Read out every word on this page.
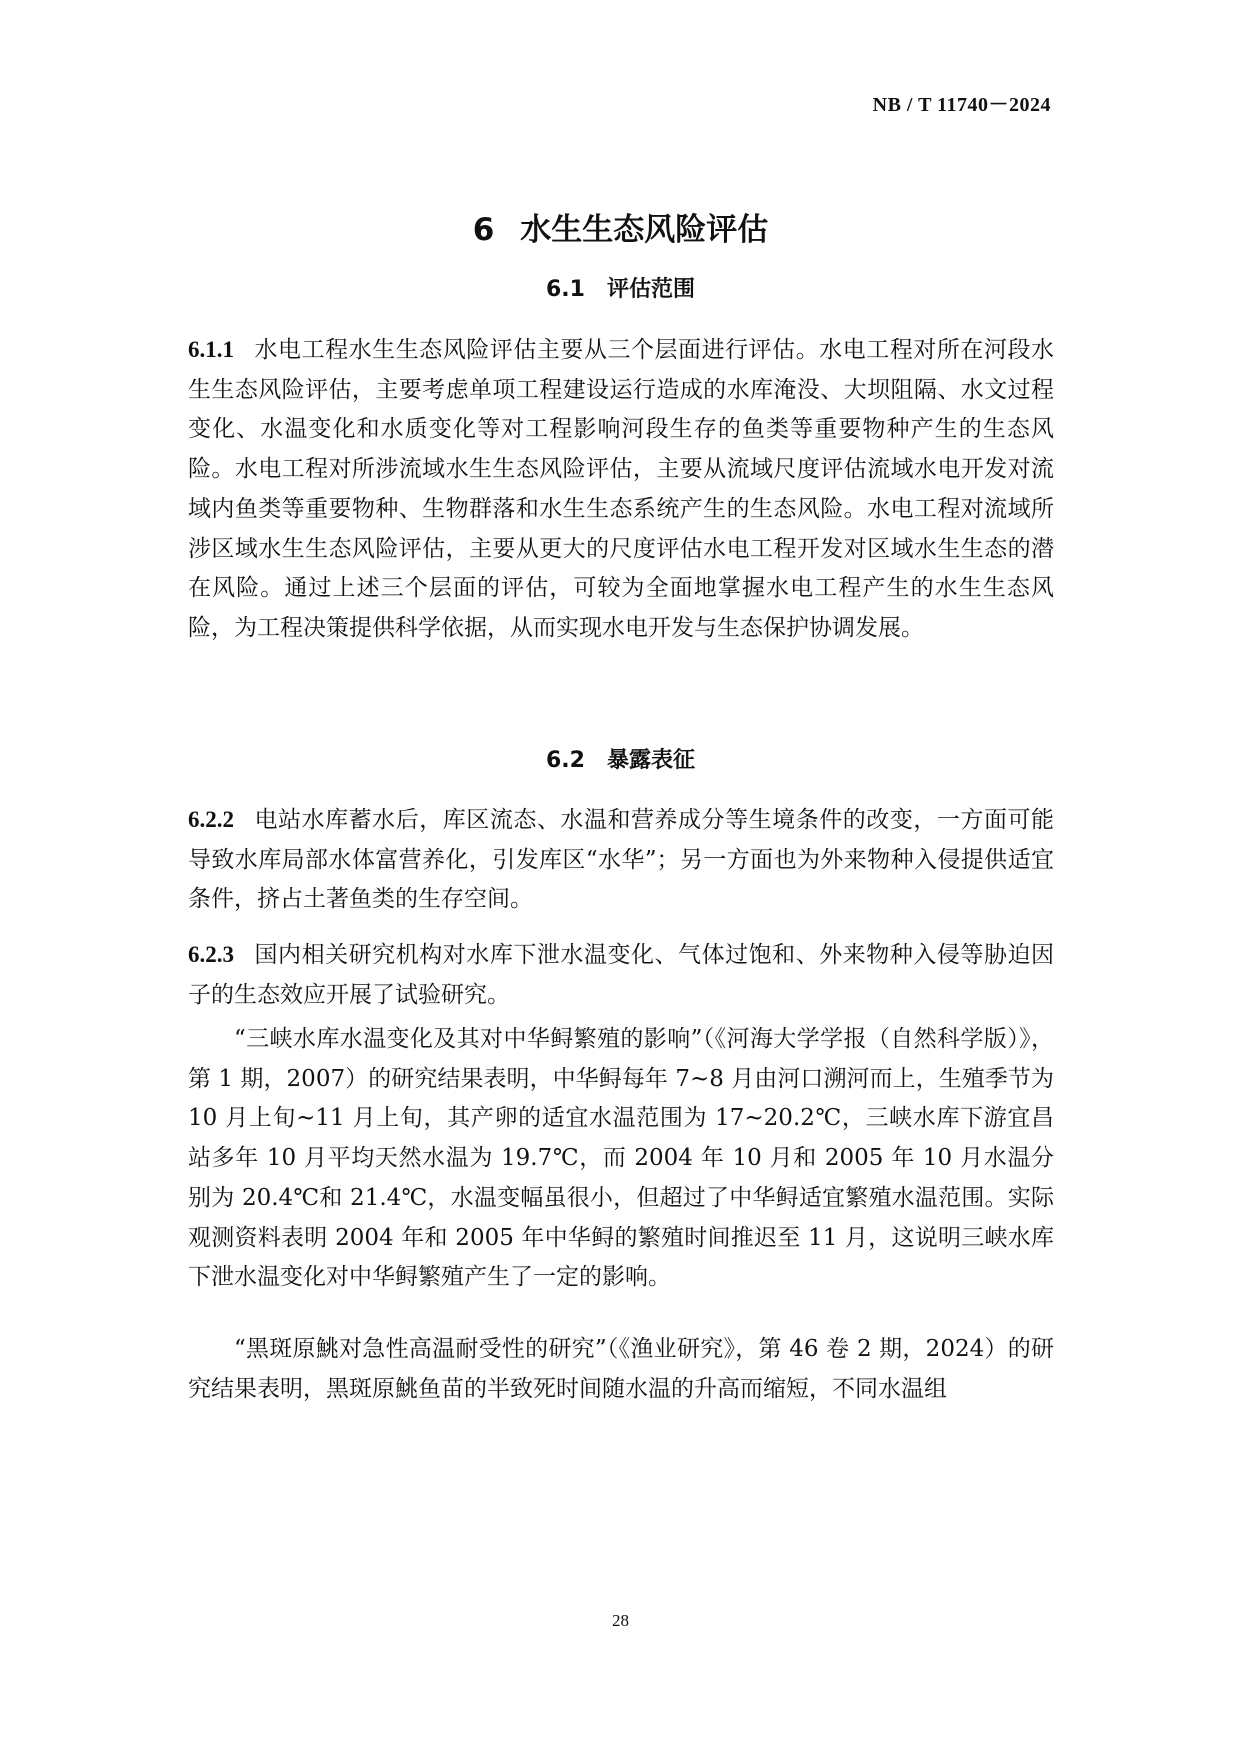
NB / T 11740－2024
6 水生生态风险评估
6.1 评估范围
6.1.1 水电工程水生生态风险评估主要从三个层面进行评估。水电工程对所在河段水生生态风险评估，主要考虑单项工程建设运行造成的水库淹没、大坝阻隔、水文过程变化、水温变化和水质变化等对工程影响河段生存的鱼类等重要物种产生的生态风险。水电工程对所涉流域水生生态风险评估，主要从流域尺度评估流域水电开发对流域内鱼类等重要物种、生物群落和水生生态系统产生的生态风险。水电工程对流域所涉区域水生生态风险评估，主要从更大的尺度评估水电工程开发对区域水生生态的潜在风险。通过上述三个层面的评估，可较为全面地掌握水电工程产生的水生生态风险，为工程决策提供科学依据，从而实现水电开发与生态保护协调发展。
6.2 暴露表征
6.2.2 电站水库蓄水后，库区流态、水温和营养成分等生境条件的改变，一方面可能导致水库局部水体富营养化，引发库区“水华”；另一方面也为外来物种入侵提供适宜条件，挤占土著鱼类的生存空间。
6.2.3 国内相关研究机构对水库下泄水温变化、气体过饱和、外来物种入侵等胁迫因子的生态效应开展了试验研究。
“三峡水库水温变化及其对中华鲟繁殖的影响”（《河海大学学报（自然科学版）》，第 1 期，2007）的研究结果表明，中华鲟每年 7~8 月由河口溯河而上，生殖季节为 10 月上旬~11 月上旬，其产卵的适宜水温范围为 17~20.2℃，三峡水库下游宜昌站多年 10 月平均天然水温为 19.7℃，而 2004 年 10 月和 2005 年 10 月水温分别为 20.4℃和 21.4℃，水温变幅虽很小，但超过了中华鲟适宜繁殖水温范围。实际观测资料表明 2004 年和 2005 年中华鲟的繁殖时间推迟至 11 月，这说明三峡水库下泄水温变化对中华鲟繁殖产生了一定的影响。
“黑斑原鮡对急性高温耐受性的研究”（《渔业研究》，第 46 卷 2 期，2024）的研究结果表明，黑斑原鮡鱼苗的半致死时间随水温的升高而缩短，不同水温组
28
